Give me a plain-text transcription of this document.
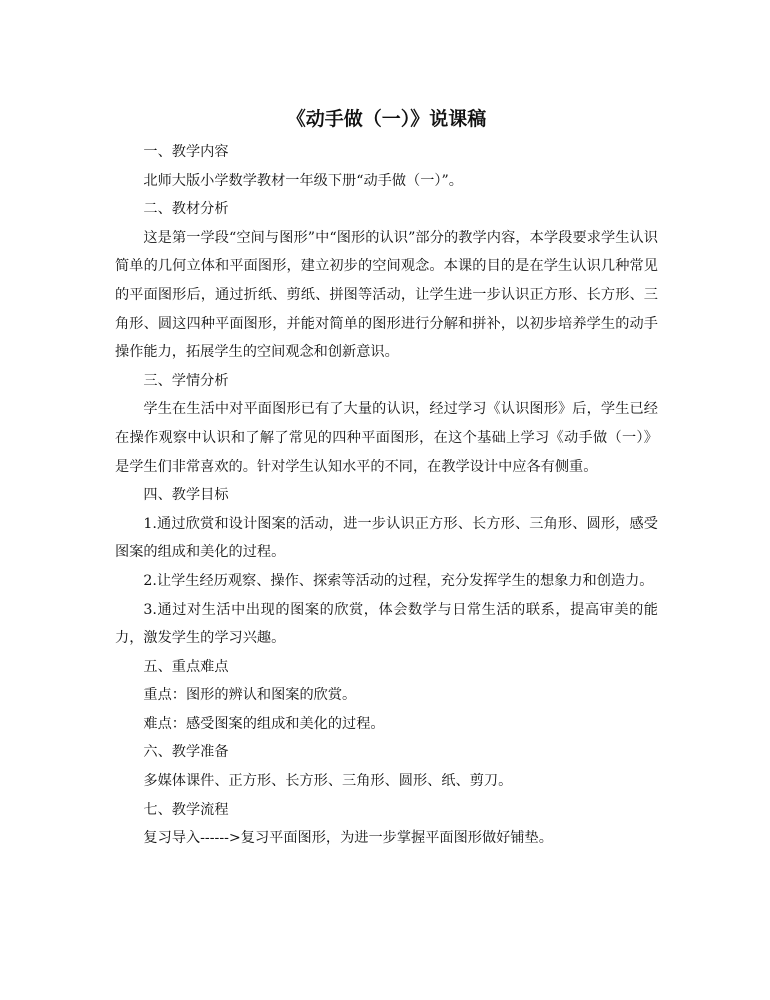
《动手做（一）》说课稿

一、教学内容

北师大版小学数学教材一年级下册“动手做（一）”。

二、教材分析

这是第一学段“空间与图形”中“图形的认识”部分的教学内容，本学段要求学生认识简单的几何立体和平面图形，建立初步的空间观念。本课的目的是在学生认识几种常见的平面图形后，通过折纸、剪纸、拼图等活动，让学生进一步认识正方形、长方形、三角形、圆这四种平面图形，并能对简单的图形进行分解和拼补，以初步培养学生的动手操作能力，拓展学生的空间观念和创新意识。

三、学情分析

学生在生活中对平面图形已有了大量的认识，经过学习《认识图形》后，学生已经在操作观察中认识和了解了常见的四种平面图形，在这个基础上学习《动手做（一）》是学生们非常喜欢的。针对学生认知水平的不同，在教学设计中应各有侧重。

四、教学目标

1.通过欣赏和设计图案的活动，进一步认识正方形、长方形、三角形、圆形，感受图案的组成和美化的过程。

2.让学生经历观察、操作、探索等活动的过程，充分发挥学生的想象力和创造力。

3.通过对生活中出现的图案的欣赏，体会数学与日常生活的联系，提高审美的能力，激发学生的学习兴趣。

五、重点难点

重点：图形的辨认和图案的欣赏。

难点：感受图案的组成和美化的过程。

六、教学准备

多媒体课件、正方形、长方形、三角形、圆形、纸、剪刀。

七、教学流程

复习导入------>复习平面图形，为进一步掌握平面图形做好铺垫。
